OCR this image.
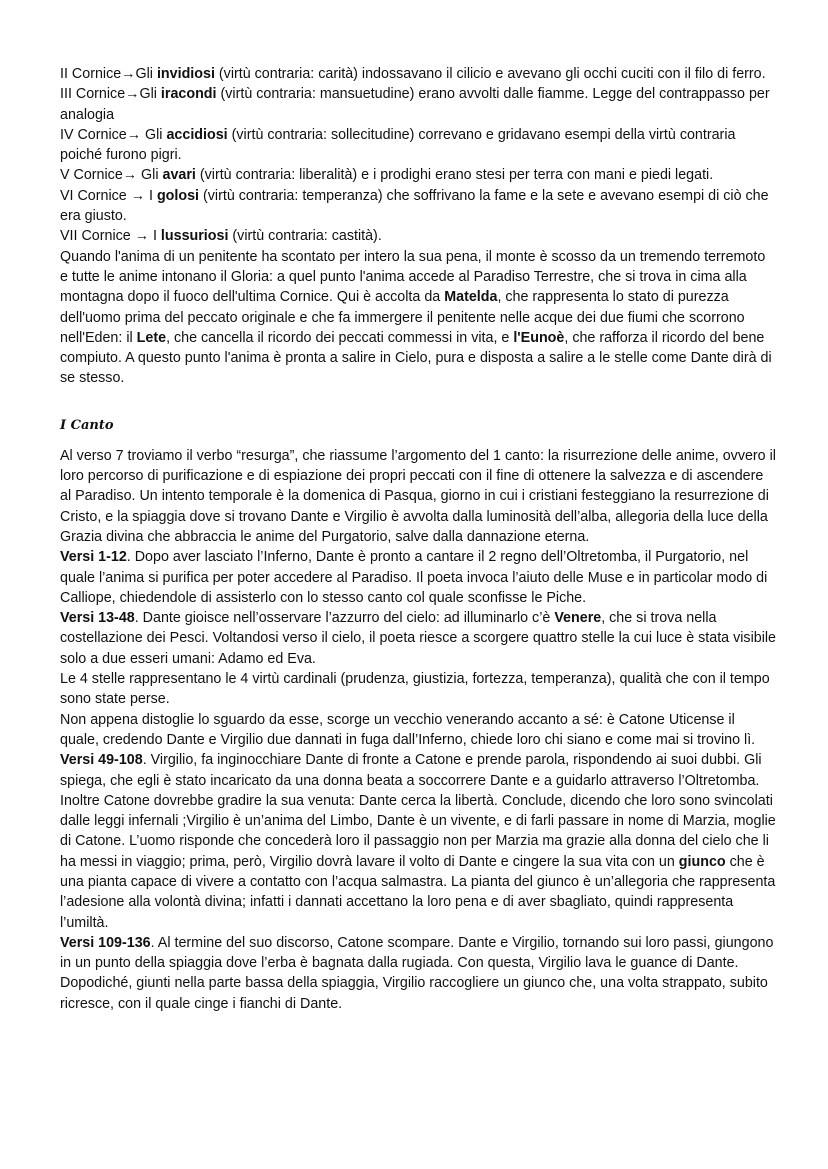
II Cornice→Gli invidiosi (virtù contraria: carità) indossavano il cilicio e avevano gli occhi cuciti con il filo di ferro.

III Cornice→Gli iracondi (virtù contraria: mansuetudine) erano avvolti dalle fiamme. Legge del contrappasso per analogia

IV Cornice→ Gli accidiosi (virtù contraria: sollecitudine) correvano e gridavano esempi della virtù contraria poiché furono pigri.

V Cornice→ Gli avari (virtù contraria: liberalità) e i prodighi erano stesi per terra con mani e piedi legati.

VI Cornice → I golosi (virtù contraria: temperanza) che soffrivano la fame e la sete e avevano esempi di ciò che era giusto.

VII Cornice → I lussuriosi (virtù contraria: castità).

Quando l'anima di un penitente ha scontato per intero la sua pena, il monte è scosso da un tremendo terremoto e tutte le anime intonano il Gloria: a quel punto l'anima accede al Paradiso Terrestre, che si trova in cima alla montagna dopo il fuoco dell'ultima Cornice. Qui è accolta da Matelda, che rappresenta lo stato di purezza dell'uomo prima del peccato originale e che fa immergere il penitente nelle acque dei due fiumi che scorrono nell'Eden: il Lete, che cancella il ricordo dei peccati commessi in vita, e l'Eunoè, che rafforza il ricordo del bene compiuto. A questo punto l'anima è pronta a salire in Cielo, pura e disposta a salire a le stelle come Dante dirà di se stesso.

I Canto

Al verso 7 troviamo il verbo “resurga”, che riassume l’argomento del 1 canto: la risurrezione delle anime, ovvero il loro percorso di purificazione e di espiazione dei propri peccati con il fine di ottenere la salvezza e di ascendere al Paradiso. Un intento temporale è la domenica di Pasqua, giorno in cui i cristiani festeggiano la resurrezione di Cristo, e la spiaggia dove si trovano Dante e Virgilio è avvolta dalla luminosità dell’alba, allegoria della luce della Grazia divina che abbraccia le anime del Purgatorio, salve dalla dannazione eterna.

Versi 1-12. Dopo aver lasciato l’Inferno, Dante è pronto a cantare il 2 regno dell’Oltretomba, il Purgatorio, nel quale l’anima si purifica per poter accedere al Paradiso. Il poeta invoca l’aiuto delle Muse e in particolar modo di Calliope, chiedendole di assisterlo con lo stesso canto col quale sconfisse le Piche.

Versi 13-48. Dante gioisce nell’osservare l’azzurro del cielo: ad illuminarlo c’è Venere, che si trova nella costellazione dei Pesci. Voltandosi verso il cielo, il poeta riesce a scorgere quattro stelle la cui luce è stata visibile solo a due esseri umani: Adamo ed Eva.

Le 4 stelle rappresentano le 4 virtù cardinali (prudenza, giustizia, fortezza, temperanza), qualità che con il tempo sono state perse.

Non appena distoglie lo sguardo da esse, scorge un vecchio venerando accanto a sé: è Catone Uticense il quale, credendo Dante e Virgilio due dannati in fuga dall’Inferno, chiede loro chi siano e come mai si trovino lì.

Versi 49-108. Virgilio, fa inginocchiare Dante di fronte a Catone e prende parola, rispondendo ai suoi dubbi. Gli spiega, che egli è stato incaricato da una donna beata a soccorrere Dante e a guidarlo attraverso l’Oltretomba. Inoltre Catone dovrebbe gradire la sua venuta: Dante cerca la libertà. Conclude, dicendo che loro sono svincolati dalle leggi infernali ;Virgilio è un’anima del Limbo, Dante è un vivente, e di farli passare in nome di Marzia, moglie di Catone. L’uomo risponde che concederà loro il passaggio non per Marzia ma grazie alla donna del cielo che li ha messi in viaggio; prima, però, Virgilio dovrà lavare il volto di Dante e cingere la sua vita con un giunco che è una pianta capace di vivere a contatto con l’acqua salmastra. La pianta del giunco è un’allegoria che rappresenta l’adesione alla volontà divina; infatti i dannati accettano la loro pena e di aver sbagliato, quindi rappresenta l’umiltà.

Versi 109-136. Al termine del suo discorso, Catone scompare. Dante e Virgilio, tornando sui loro passi, giungono in un punto della spiaggia dove l’erba è bagnata dalla rugiada. Con questa, Virgilio lava le guance di Dante. Dopodiché, giunti nella parte bassa della spiaggia, Virgilio raccogliere un giunco che, una volta strappato, subito ricresce, con il quale cinge i fianchi di Dante.
